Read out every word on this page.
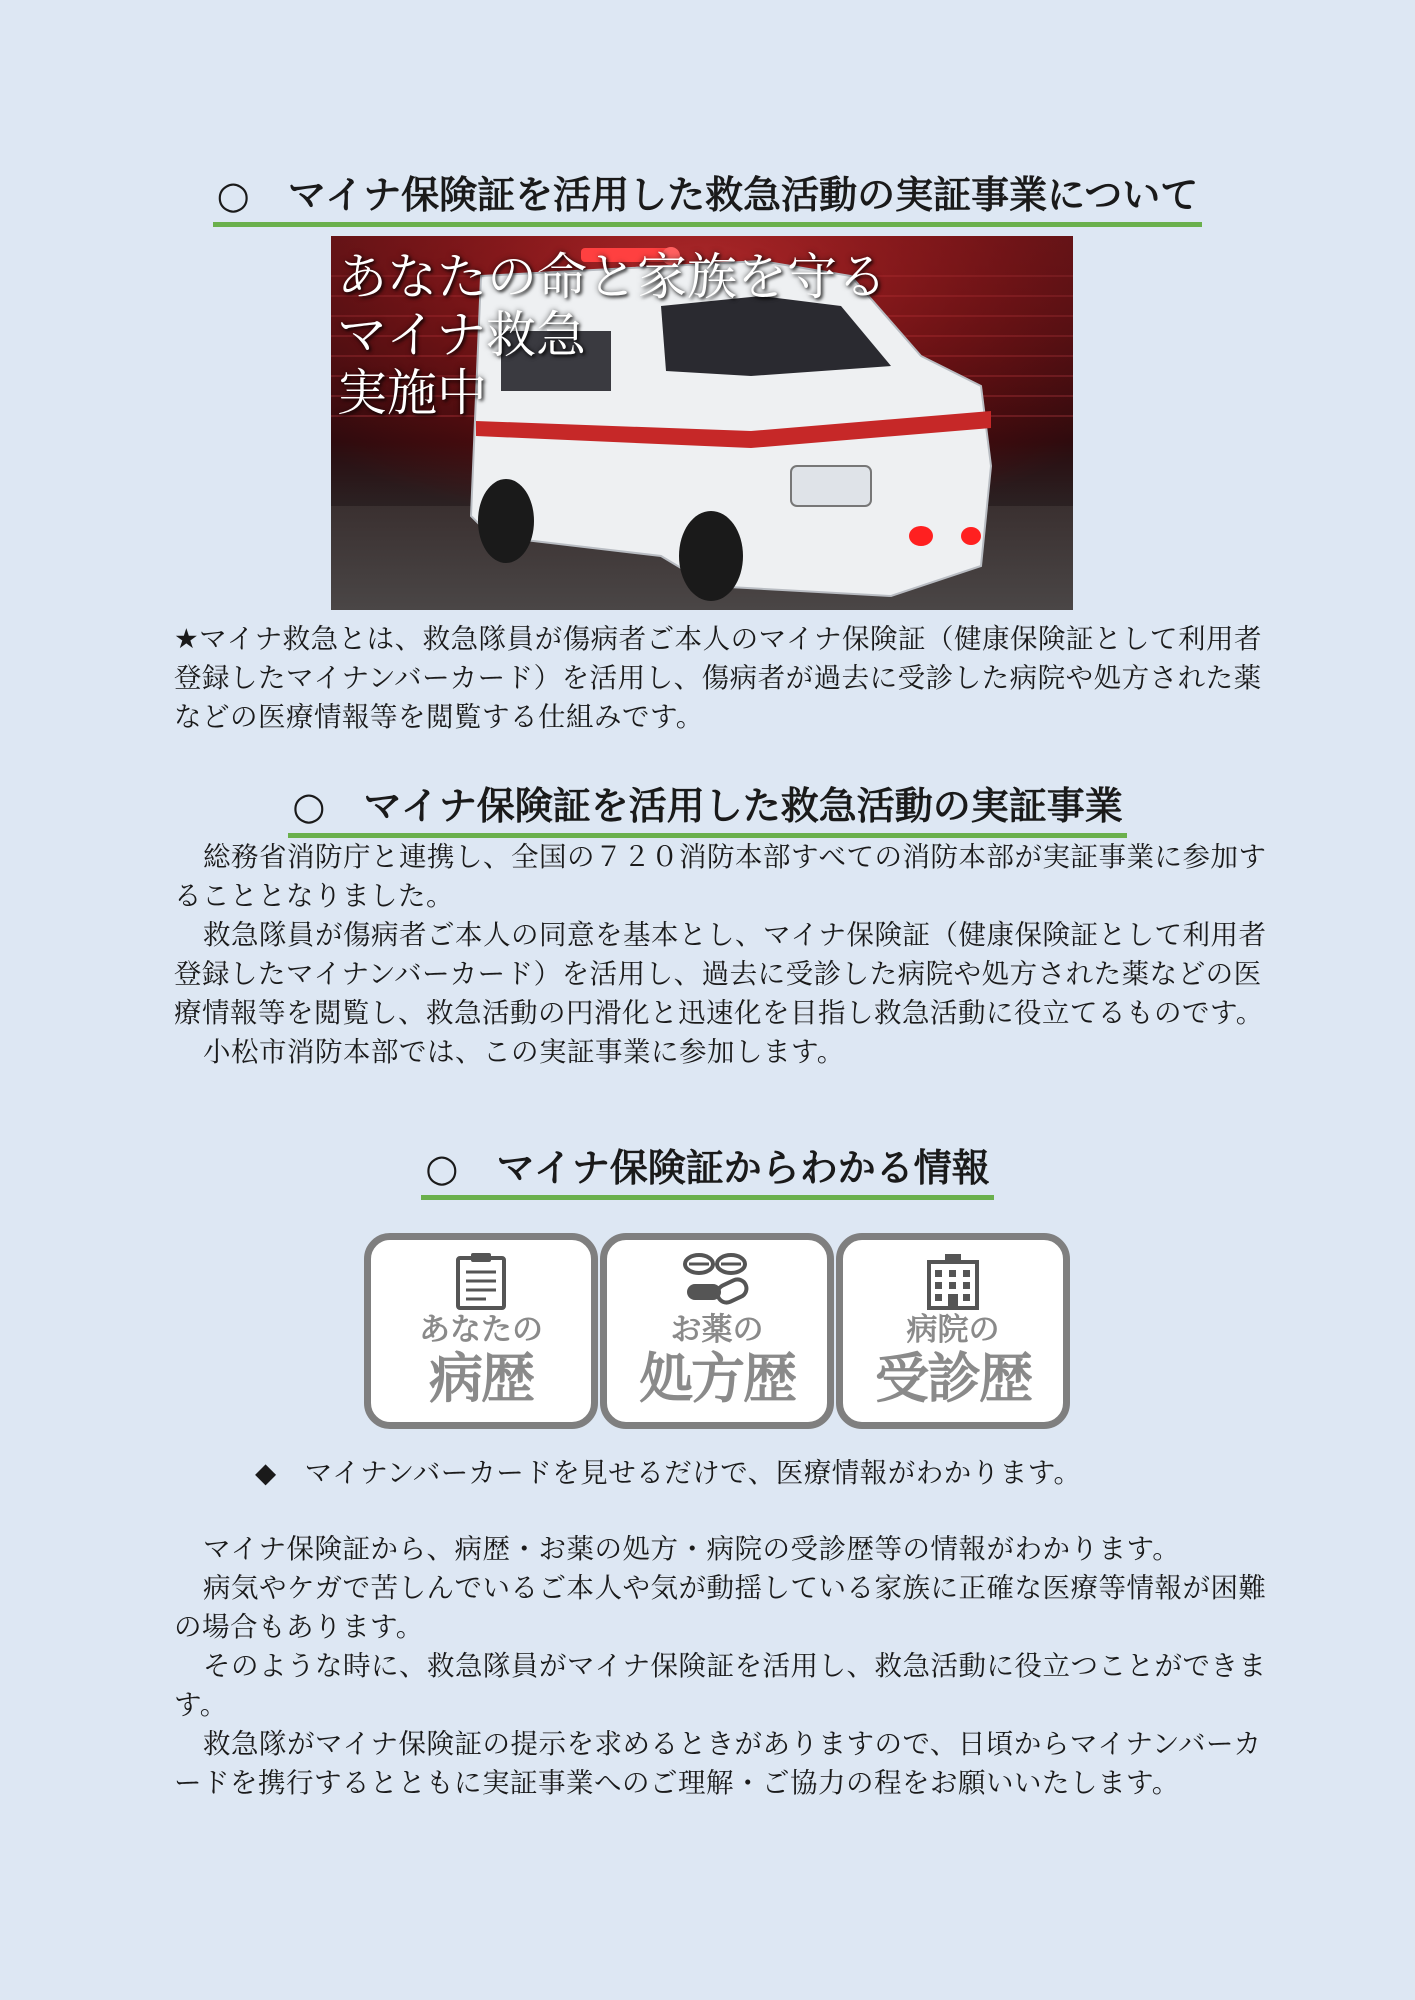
○　マイナ保険証を活用した救急活動の実証事業について
あなたの命と家族を守る
マイナ救急
実施中

★マイナ救急とは、救急隊員が傷病者ご本人のマイナ保険証（健康保険証として利用者登録したマイナンバーカード）を活用し、傷病者が過去に受診した病院や処方された薬などの医療情報等を閲覧する仕組みです。

○　マイナ保険証を活用した救急活動の実証事業

総務省消防庁と連携し、全国の７２０消防本部すべての消防本部が実証事業に参加することとなりました。

救急隊員が傷病者ご本人の同意を基本とし、マイナ保険証（健康保険証として利用者登録したマイナンバーカード）を活用し、過去に受診した病院や処方された薬などの医療情報等を閲覧し、救急活動の円滑化と迅速化を目指し救急活動に役立てるものです。

小松市消防本部では、この実証事業に参加します。

○　マイナ保険証からわかる情報
あなたの
病歴
お薬の
処方歴
病院の
受診歴
◆　マイナンバーカードを見せるだけで、医療情報がわかります。

マイナ保険証から、病歴・お薬の処方・病院の受診歴等の情報がわかります。

病気やケガで苦しんでいるご本人や気が動揺している家族に正確な医療等情報が困難の場合もあります。

そのような時に、救急隊員がマイナ保険証を活用し、救急活動に役立つことができます。

救急隊がマイナ保険証の提示を求めるときがありますので、日頃からマイナンバーカードを携行するとともに実証事業へのご理解・ご協力の程をお願いいたします。
